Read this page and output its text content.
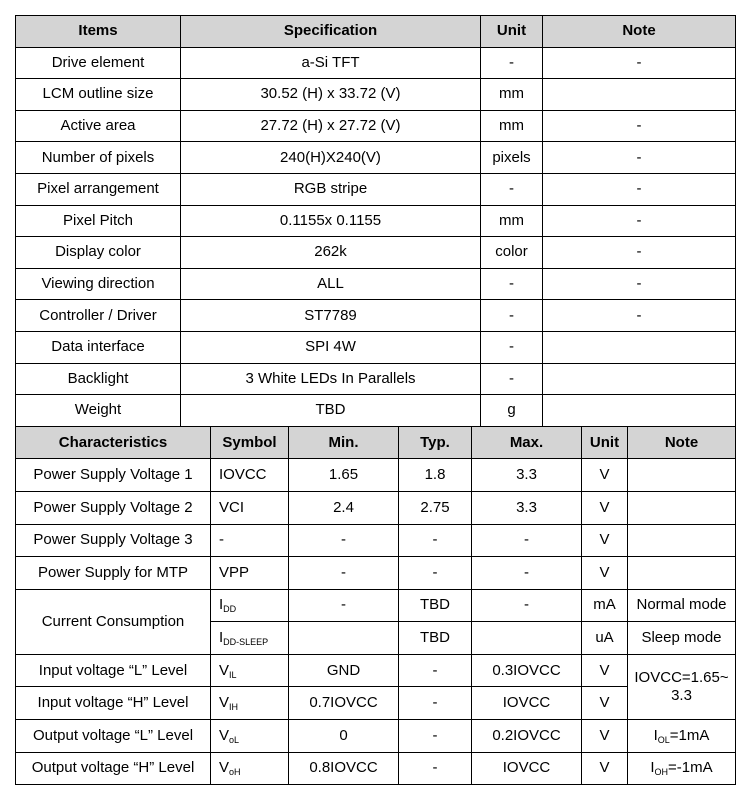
Items	Specification	Unit	Note
Drive element	a-Si TFT	-	-
LCM outline size	30.52 (H) x 33.72 (V)	mm	
Active area	27.72 (H) x 27.72 (V)	mm	-
Number of pixels	240(H)X240(V)	pixels	-
Pixel arrangement	RGB stripe	-	-
Pixel Pitch	0.1155x 0.1155	mm	-
Display color	262k	color	-
Viewing direction	ALL	-	-
Controller / Driver	ST7789	-	-
Data interface	SPI 4W	-	
Backlight	3 White LEDs In Parallels	-	
Weight	TBD	g	
Characteristics	Symbol	Min.	Typ.	Max.	Unit	Note
Power Supply Voltage 1	IOVCC	1.65	1.8	3.3	V	
Power Supply Voltage 2	VCI	2.4	2.75	3.3	V	
Power Supply Voltage 3	-	-	-	-	V	
Power Supply for MTP	VPP	-	-	-	V	
Current Consumption	$I_{DD}$	-	TBD	-	mA	Normal mode
	$I_{DD-SLEEP}$		TBD		uA	Sleep mode
Input voltage “L” Level	$V_{IL}$	GND	-	0.3IOVCC	V	IOVCC=1.65~
3.3

Input voltage “H” Level	$V_{IH}$	0.7IOVCC	-	IOVCC	V	
Output voltage “L” Level	$V_{oL}$	0	-	0.2IOVCC	V	$I_{OL}=1mA$
Output voltage “H” Level	$V_{oH}$	0.8IOVCC	-	IOVCC	V	$I_{OH}=-1mA$
